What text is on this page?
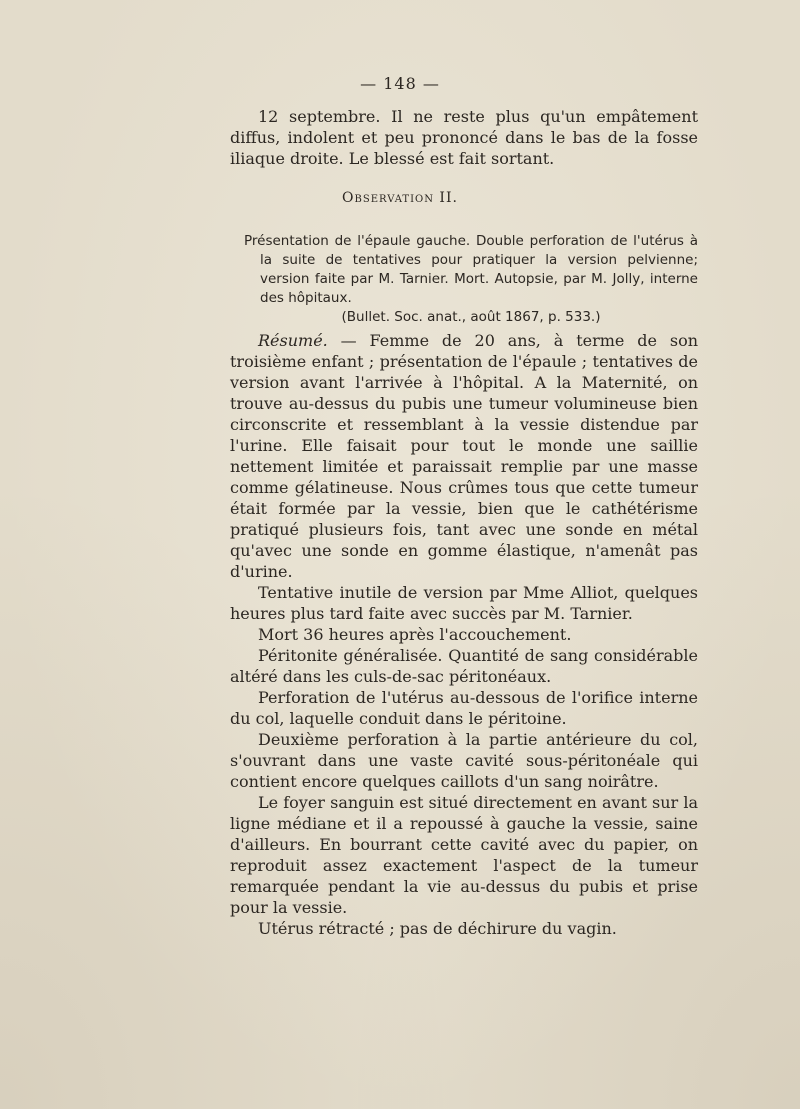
— 148 —

12 septembre. Il ne reste plus qu'un empâtement diffus, indolent et peu prononcé dans le bas de la fosse iliaque droite. Le blessé est fait sortant.

Observation II.

Présentation de l'épaule gauche. Double perforation de l'utérus à la suite de tentatives pour pratiquer la version pelvienne; version faite par M. Tarnier. Mort. Autopsie, par M. Jolly, interne des hôpitaux.

(Bullet. Soc. anat., août 1867, p. 533.)

Résumé. — Femme de 20 ans, à terme de son troisième enfant ; présentation de l'épaule ; tentatives de version avant l'arrivée à l'hôpital. A la Maternité, on trouve au-dessus du pubis une tumeur volumineuse bien circonscrite et ressemblant à la vessie distendue par l'urine. Elle faisait pour tout le monde une saillie nettement limitée et paraissait remplie par une masse comme gélatineuse. Nous crûmes tous que cette tumeur était formée par la vessie, bien que le cathétérisme pratiqué plusieurs fois, tant avec une sonde en métal qu'avec une sonde en gomme élastique, n'amenât pas d'urine.

Tentative inutile de version par Mme Alliot, quelques heures plus tard faite avec succès par M. Tarnier.

Mort 36 heures après l'accouchement.

Péritonite généralisée. Quantité de sang considérable altéré dans les culs-de-sac péritonéaux.

Perforation de l'utérus au-dessous de l'orifice interne du col, laquelle conduit dans le péritoine.

Deuxième perforation à la partie antérieure du col, s'ouvrant dans une vaste cavité sous-péritonéale qui contient encore quelques caillots d'un sang noirâtre.

Le foyer sanguin est situé directement en avant sur la ligne médiane et il a repoussé à gauche la vessie, saine d'ailleurs. En bourrant cette cavité avec du papier, on reproduit assez exactement l'aspect de la tumeur remarquée pendant la vie au-dessus du pubis et prise pour la vessie.

Utérus rétracté ; pas de déchirure du vagin.
